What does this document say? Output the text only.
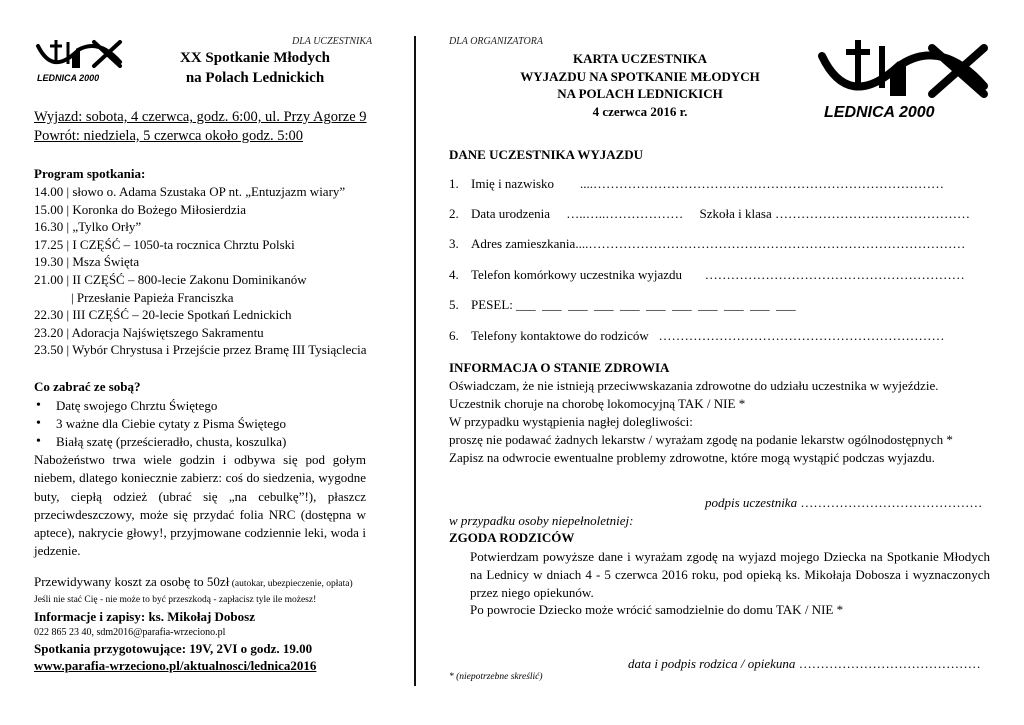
DLA UCZESTNIKA
LEDNICA 2000
XX Spotkanie Młodych
na Polach Lednickich
Wyjazd: sobota, 4 czerwca, godz. 6:00, ul. Przy Agorze 9
Powrót: niedziela, 5 czerwca około godz. 5:00
Program spotkania:
14.00 | słowo o. Adama Szustaka OP nt. „Entuzjazm wiary”
15.00 | Koronka do Bożego Miłosierdzia
16.30 | „Tylko Orły”
17.25 | I CZĘŚĆ – 1050-ta rocznica Chrztu Polski
19.30 | Msza Święta
21.00 | II CZĘŚĆ – 800-lecie Zakonu Dominikanów
| Przesłanie Papieża Franciszka
22.30 | III CZĘŚĆ – 20-lecie Spotkań Lednickich
23.20 | Adoracja Najświętszego Sakramentu
23.50 | Wybór Chrystusa i Przejście przez Bramę III Tysiąclecia
Co zabrać ze sobą?
• Datę swojego Chrztu Świętego
• 3 ważne dla Ciebie cytaty z Pisma Świętego
• Białą szatę (prześcieradło, chusta, koszulka)
Nabożeństwo trwa wiele godzin i odbywa się pod gołym niebem, dlatego koniecznie zabierz: coś do siedzenia, wygodne buty, ciepłą odzież (ubrać się „na cebulkę”!), płaszcz przeciwdeszczowy, może się przydać folia NRC (dostępna w aptece), nakrycie głowy!, przyjmowane codziennie leki, woda i jedzenie.
Przewidywany koszt za osobę to 50zł (autokar, ubezpieczenie, opłata)
Jeśli nie stać Cię - nie może to być przeszkodą - zapłacisz tyle ile możesz!
Informacje i zapisy: ks. Mikołaj Dobosz
022 865 23 40, sdm2016@parafia-wrzeciono.pl
Spotkania przygotowujące: 19V, 2VI o godz. 19.00
www.parafia-wrzeciono.pl/aktualnosci/lednica2016
DLA ORGANIZATORA
KARTA UCZESTNIKA
WYJAZDU NA SPOTKANIE MŁODYCH
NA POLACH LEDNICKICH
4 czerwca 2016 r.	LEDNICA 2000
DANE UCZESTNIKA WYJAZDU
1. Imię i nazwisko ....………………………………………………………………………
2. Data urodzenia …..…..……………… Szkoła i klasa ………………………………………
3. Adres zamieszkania....……………………………………………………………………………
4. Telefon komórkowy uczestnika wyjazdu ……………………………………………………
5. PESEL: ___  ___  ___  ___  ___  ___  ___  ___  ___  ___  ___
6. Telefony kontaktowe do rodziców …………………………………………………………
INFORMACJA O STANIE ZDROWIA
Oświadczam, że nie istnieją przeciwwskazania zdrowotne do udziału uczestnika w wyjeździe.
Uczestnik choruje na chorobę lokomocyjną TAK / NIE *
W przypadku wystąpienia nagłej dolegliwości:
proszę nie podawać żadnych lekarstw / wyrażam zgodę na podanie lekarstw ogólnodostępnych *
Zapisz na odwrocie ewentualne problemy zdrowotne, które mogą wystąpić podczas wyjazdu.
podpis uczestnika ……………………………………
w przypadku osoby niepełnoletniej:
ZGODA RODZICÓW
Potwierdzam powyższe dane i wyrażam zgodę na wyjazd mojego Dziecka na Spotkanie Młodych na Lednicy w dniach 4 - 5 czerwca 2016 roku, pod opieką ks. Mikołaja Dobosza i wyznaczonych przez niego opiekunów.
Po powrocie Dziecko może wrócić samodzielnie do domu TAK / NIE *
data i podpis rodzica / opiekuna ……………………………………
* (niepotrzebne skreślić)
